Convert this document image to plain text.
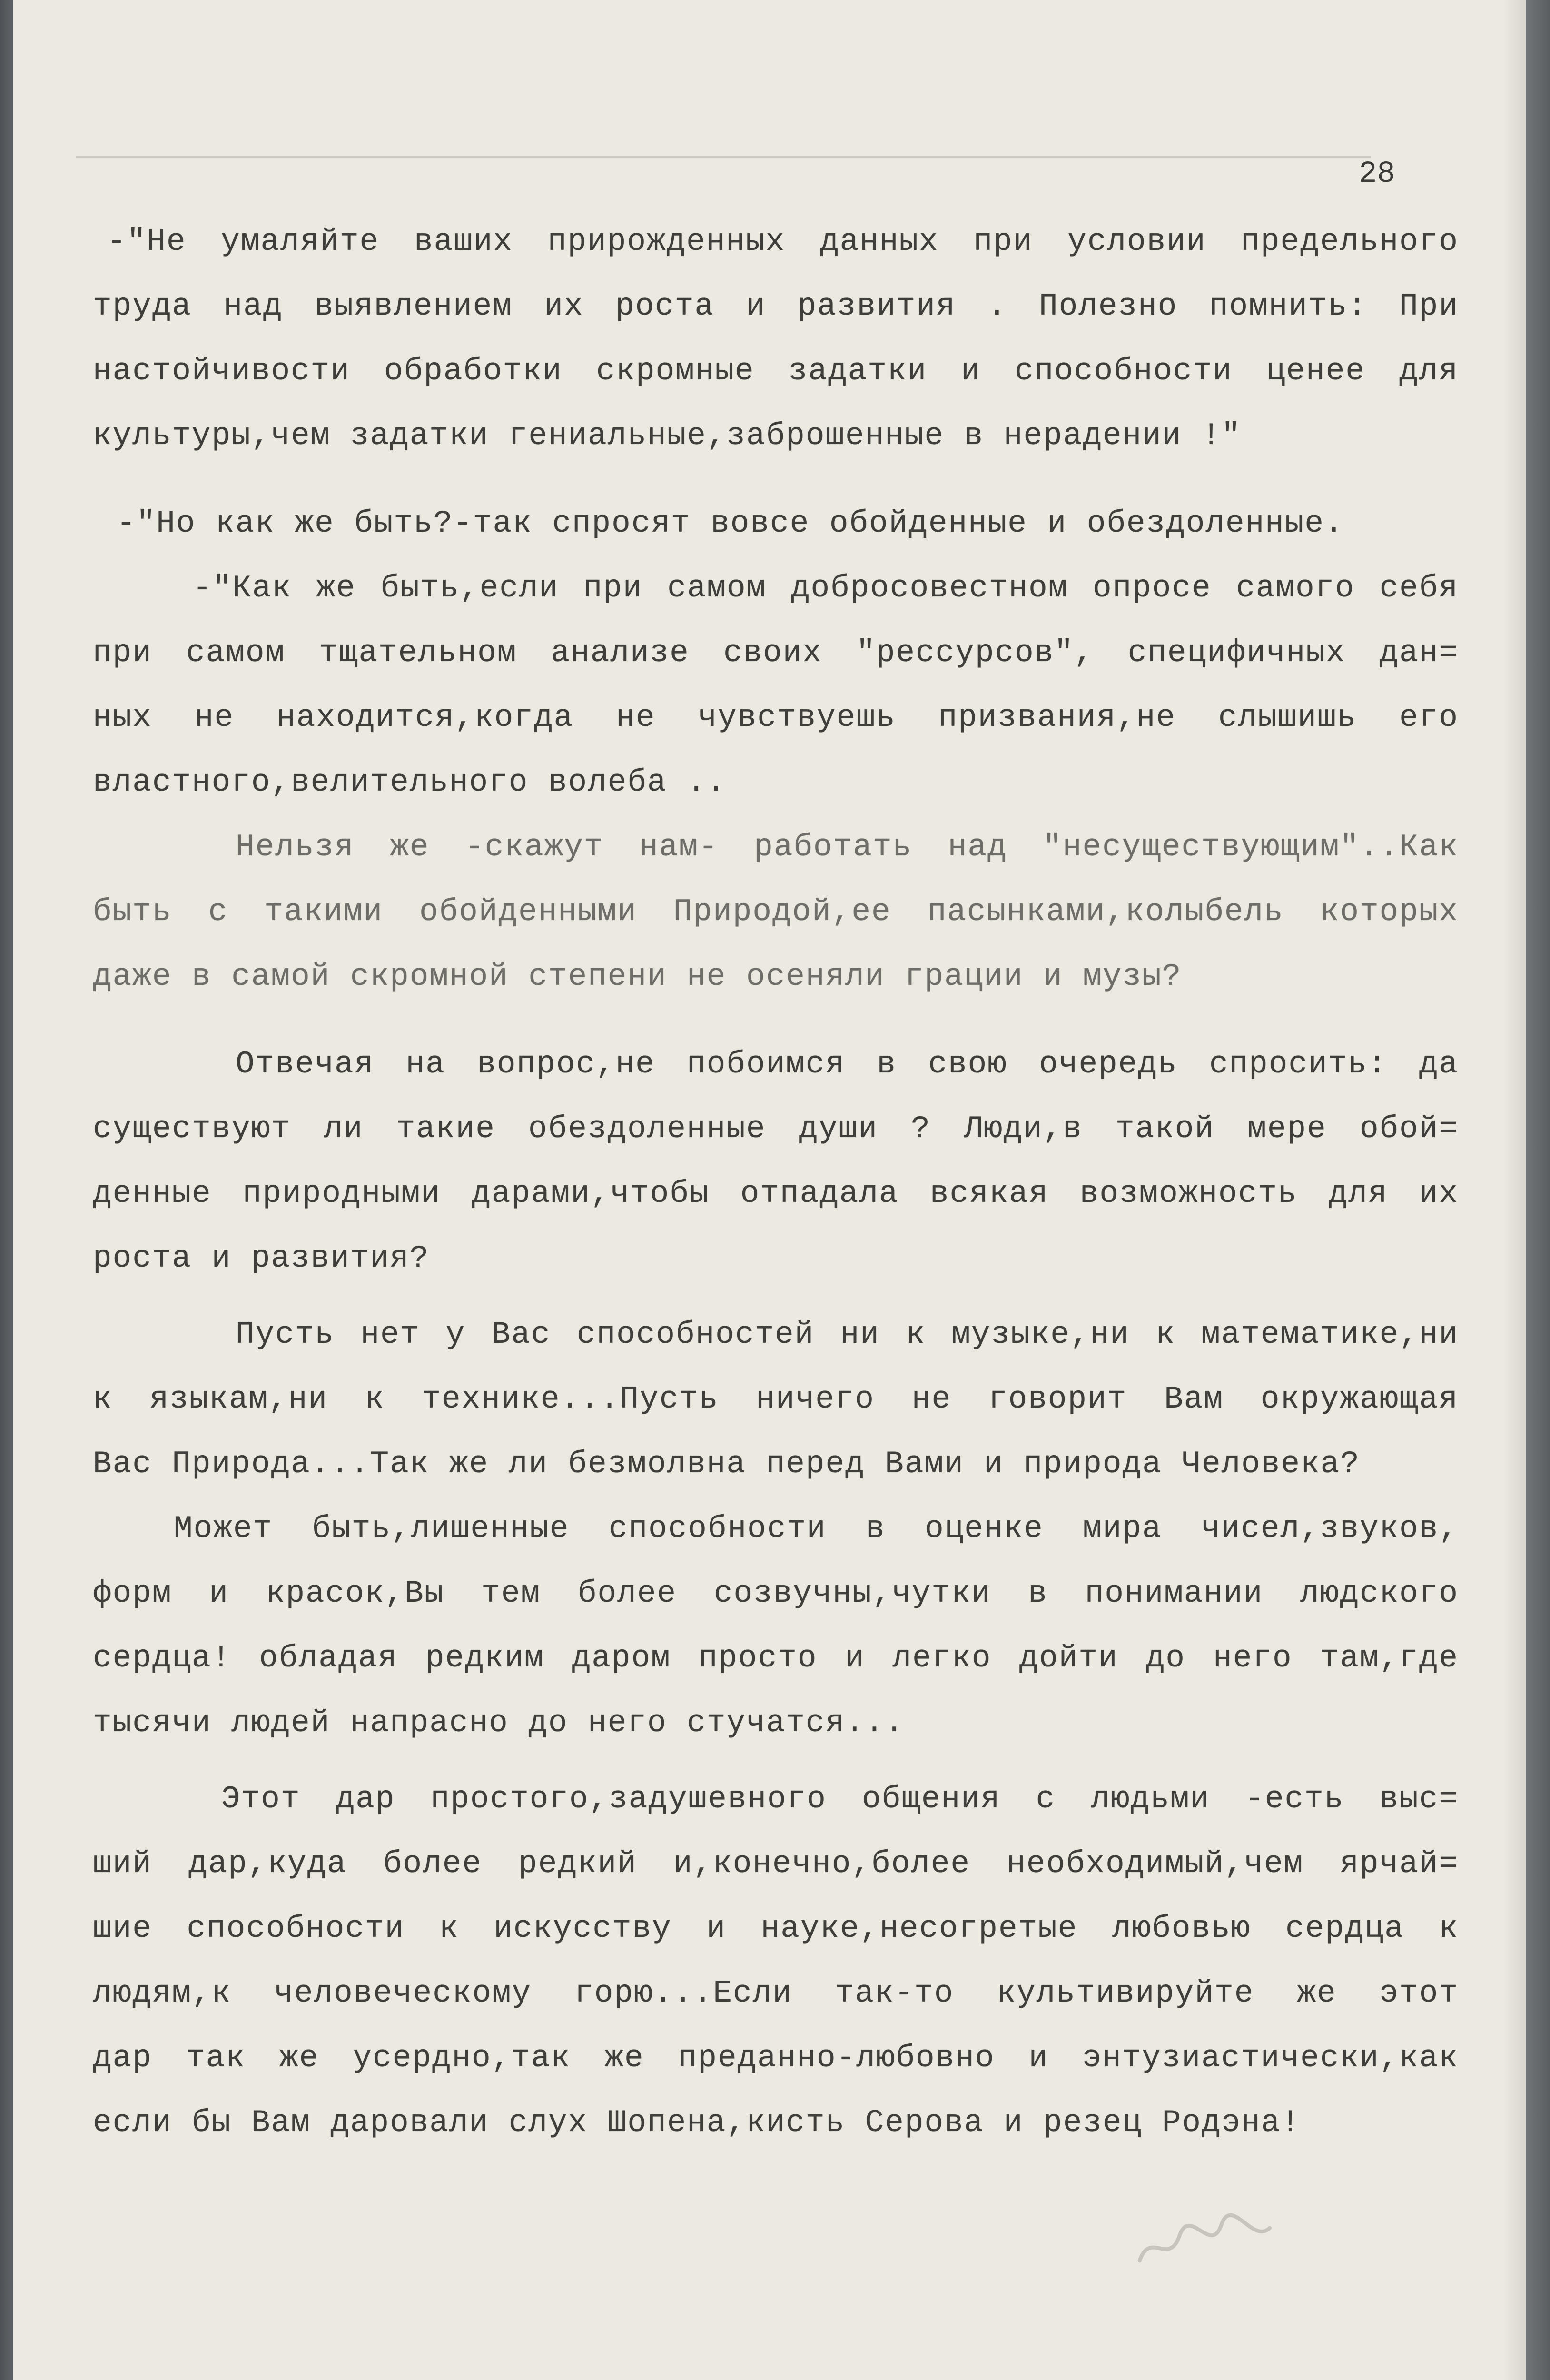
28
-"Не умаляйте ваших прирожденных данных при условии предельного
труда над выявлением их роста и развития . Полезно помнить: При
настойчивости обработки скромные задатки и способности ценее для
культуры,чем задатки гениальные,заброшенные в нерадении !"
-"Но как же быть?-так спросят вовсе обойденные и обездоленные.
-"Как же быть,если при самом добросовестном опросе самого себя
при самом тщательном анализе своих "рессурсов", специфичных дан=
ных не находится,когда не чувствуешь призвания,не слышишь его
властного,велительного волеба ..
Нельзя же -скажут нам- работать над "несуществующим"..Как
быть с такими обойденными Природой,ее пасынками,колыбель которых
даже в самой скромной степени не осеняли грации и музы?
Отвечая на вопрос,не побоимся в свою очередь спросить: да
существуют ли такие обездоленные души ? Люди,в такой мере обой=
денные природными дарами,чтобы отпадала всякая возможность для их
роста и развития?
Пусть нет у Вас способностей ни к музыке,ни к математике,ни
к языкам,ни к технике...Пусть ничего не говорит Вам окружающая
Вас Природа...Так же ли безмолвна перед Вами и природа Человека?
Может быть,лишенные способности в оценке мира чисел,звуков,
форм и красок,Вы тем более созвучны,чутки в понимании людского
сердца! обладая редким даром просто и легко дойти до него там,где
тысячи людей напрасно до него стучатся...
Этот дар простого,задушевного общения с людьми -есть выс=
ший дар,куда более редкий и,конечно,более необходимый,чем ярчай=
шие способности к искусству и науке,несогретые любовью сердца к
людям,к человеческому горю...Если так-то культивируйте же этот
дар так же усердно,так же преданно-любовно и энтузиастически,как
если бы Вам даровали слух Шопена,кисть Серова и резец Родэна!
